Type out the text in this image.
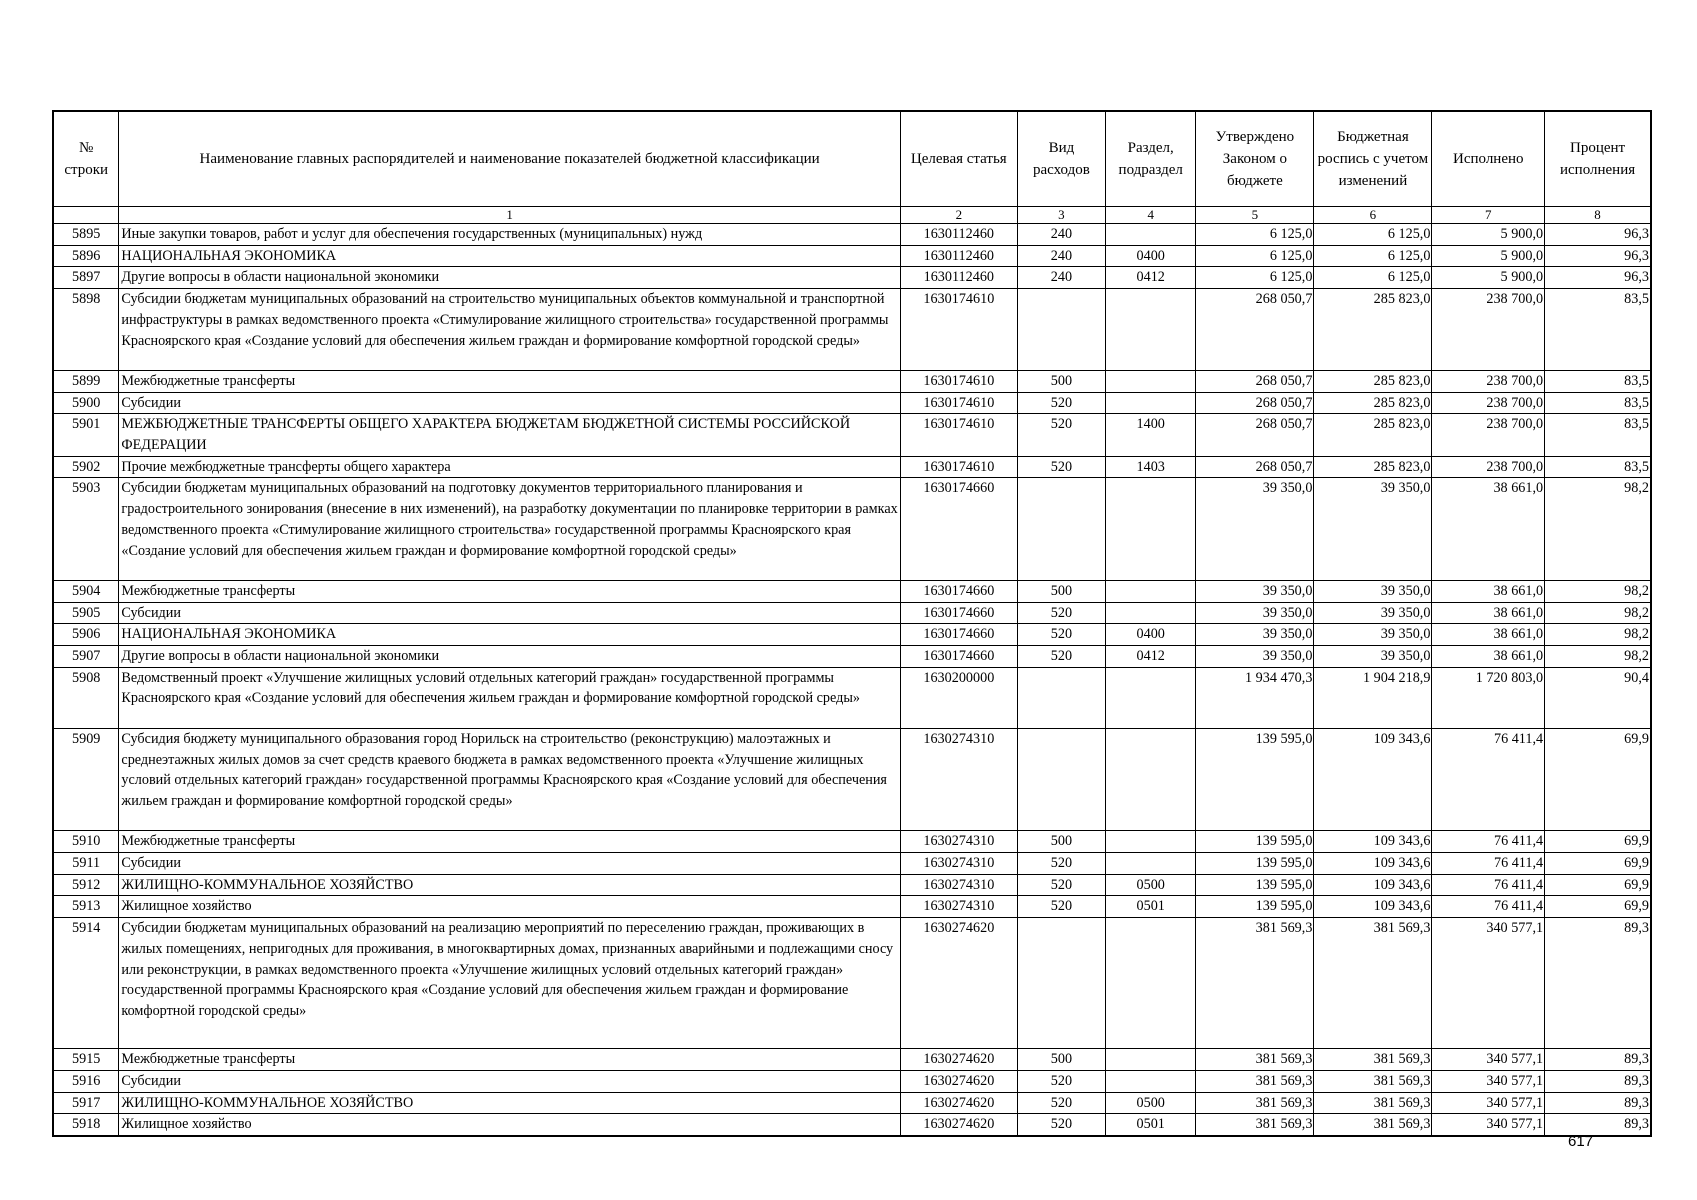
№ строки	Наименование главных распорядителей и наименование показателей бюджетной классификации	Целевая статья	Вид расходов	Раздел, подраздел	Утверждено Законом о бюджете	Бюджетная роспись с учетом изменений	Исполнено	Процент исполнения
	1	2	3	4	5	6	7	8
5895	Иные закупки товаров, работ и услуг для обеспечения государственных (муниципальных) нужд	1630112460	240		6 125,0	6 125,0	5 900,0	96,3
5896	НАЦИОНАЛЬНАЯ ЭКОНОМИКА	1630112460	240	0400	6 125,0	6 125,0	5 900,0	96,3
5897	Другие вопросы в области национальной экономики	1630112460	240	0412	6 125,0	6 125,0	5 900,0	96,3
5898	Субсидии бюджетам муниципальных образований на строительство муниципальных объектов коммунальной и транспортной инфраструктуры в рамках ведомственного проекта «Стимулирование жилищного строительства» государственной программы Красноярского края «Создание условий для обеспечения жильем граждан и формирование комфортной городской среды»	1630174610			268 050,7	285 823,0	238 700,0	83,5
5899	Межбюджетные трансферты	1630174610	500		268 050,7	285 823,0	238 700,0	83,5
5900	Субсидии	1630174610	520		268 050,7	285 823,0	238 700,0	83,5
5901	МЕЖБЮДЖЕТНЫЕ ТРАНСФЕРТЫ ОБЩЕГО ХАРАКТЕРА БЮДЖЕТАМ БЮДЖЕТНОЙ СИСТЕМЫ РОССИЙСКОЙ ФЕДЕРАЦИИ	1630174610	520	1400	268 050,7	285 823,0	238 700,0	83,5
5902	Прочие межбюджетные трансферты общего характера	1630174610	520	1403	268 050,7	285 823,0	238 700,0	83,5
5903	Субсидии бюджетам муниципальных образований на подготовку документов территориального планирования и градостроительного зонирования (внесение в них изменений), на разработку документации по планировке территории в рамках ведомственного проекта «Стимулирование жилищного строительства» государственной программы Красноярского края «Создание условий для обеспечения жильем граждан и формирование комфортной городской среды»	1630174660			39 350,0	39 350,0	38 661,0	98,2
5904	Межбюджетные трансферты	1630174660	500		39 350,0	39 350,0	38 661,0	98,2
5905	Субсидии	1630174660	520		39 350,0	39 350,0	38 661,0	98,2
5906	НАЦИОНАЛЬНАЯ ЭКОНОМИКА	1630174660	520	0400	39 350,0	39 350,0	38 661,0	98,2
5907	Другие вопросы в области национальной экономики	1630174660	520	0412	39 350,0	39 350,0	38 661,0	98,2
5908	Ведомственный проект «Улучшение жилищных условий отдельных категорий граждан» государственной программы Красноярского края «Создание условий для обеспечения жильем граждан и формирование комфортной городской среды»	1630200000			1 934 470,3	1 904 218,9	1 720 803,0	90,4
5909	Субсидия бюджету муниципального образования город Норильск на строительство (реконструкцию) малоэтажных и среднеэтажных жилых домов за счет средств краевого бюджета в рамках ведомственного проекта «Улучшение жилищных условий отдельных категорий граждан» государственной программы Красноярского края «Создание условий для обеспечения жильем граждан и формирование комфортной городской среды»	1630274310			139 595,0	109 343,6	76 411,4	69,9
5910	Межбюджетные трансферты	1630274310	500		139 595,0	109 343,6	76 411,4	69,9
5911	Субсидии	1630274310	520		139 595,0	109 343,6	76 411,4	69,9
5912	ЖИЛИЩНО-КОММУНАЛЬНОЕ ХОЗЯЙСТВО	1630274310	520	0500	139 595,0	109 343,6	76 411,4	69,9
5913	Жилищное хозяйство	1630274310	520	0501	139 595,0	109 343,6	76 411,4	69,9
5914	Субсидии бюджетам муниципальных образований на реализацию мероприятий по переселению граждан, проживающих в жилых помещениях, непригодных для проживания, в многоквартирных домах, признанных аварийными и подлежащими сносу или реконструкции, в рамках ведомственного проекта «Улучшение жилищных условий отдельных категорий граждан» государственной программы Красноярского края «Создание условий для обеспечения жильем граждан и формирование комфортной городской среды»	1630274620			381 569,3	381 569,3	340 577,1	89,3
5915	Межбюджетные трансферты	1630274620	500		381 569,3	381 569,3	340 577,1	89,3
5916	Субсидии	1630274620	520		381 569,3	381 569,3	340 577,1	89,3
5917	ЖИЛИЩНО-КОММУНАЛЬНОЕ ХОЗЯЙСТВО	1630274620	520	0500	381 569,3	381 569,3	340 577,1	89,3
5918	Жилищное хозяйство	1630274620	520	0501	381 569,3	381 569,3	340 577,1	89,3
617
